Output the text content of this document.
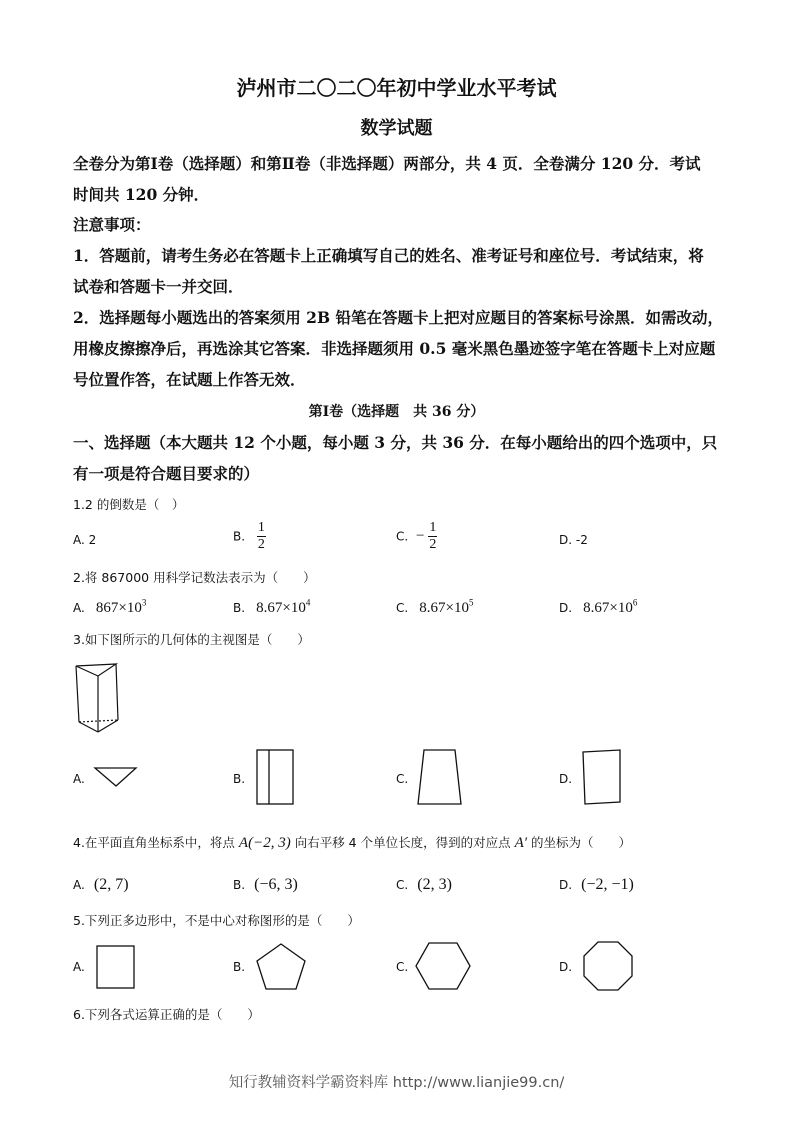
泸州市二〇二〇年初中学业水平考试
数学试题
全卷分为第Ⅰ卷（选择题）和第Ⅱ卷（非选择题）两部分，共 4 页．全卷满分 120 分．考试
时间共 120 分钟．
注意事项：
1．答题前，请考生务必在答题卡上正确填写自己的姓名、准考证号和座位号．考试结束，将
试卷和答题卡一并交回．
2．选择题每小题选出的答案须用 2B 铅笔在答题卡上把对应题目的答案标号涂黑．如需改动，
用橡皮擦擦净后，再选涂其它答案．非选择题须用 0.5 毫米黑色墨迹签字笔在答题卡上对应题
号位置作答，在试题上作答无效．
第Ⅰ卷（选择题　共 36 分）
一、选择题（本大题共 12 个小题，每小题 3 分，共 36 分．在每小题给出的四个选项中，只
有一项是符合题目要求的）
1.2 的倒数是（　）
A. 2	B. $\frac{1}{2}$	C. − $\frac{1}{2}$	D. -2
2.将 867000 用科学记数法表示为（　　）
A. $867\times 10^3$	B. $8.67\times 10^4$	C. $8.67\times 10^5$	D. $8.67\times 10^6$
3.如下图所示的几何体的主视图是（　　）
A.	B.	C.	D.
4.在平面直角坐标系中，将点 A(−2, 3) 向右平移 4 个单位长度，得到的对应点 A′ 的坐标为（　　）
A. (2, 7)	B. (−6, 3)	C. (2, 3)	D. (−2, −1)
5.下列正多边形中，不是中心对称图形的是（　　）
A.	B.	C.	D.
6.下列各式运算正确的是（　　）
知行教辅资料学霸资料库 http://www.lianjie99.cn/
